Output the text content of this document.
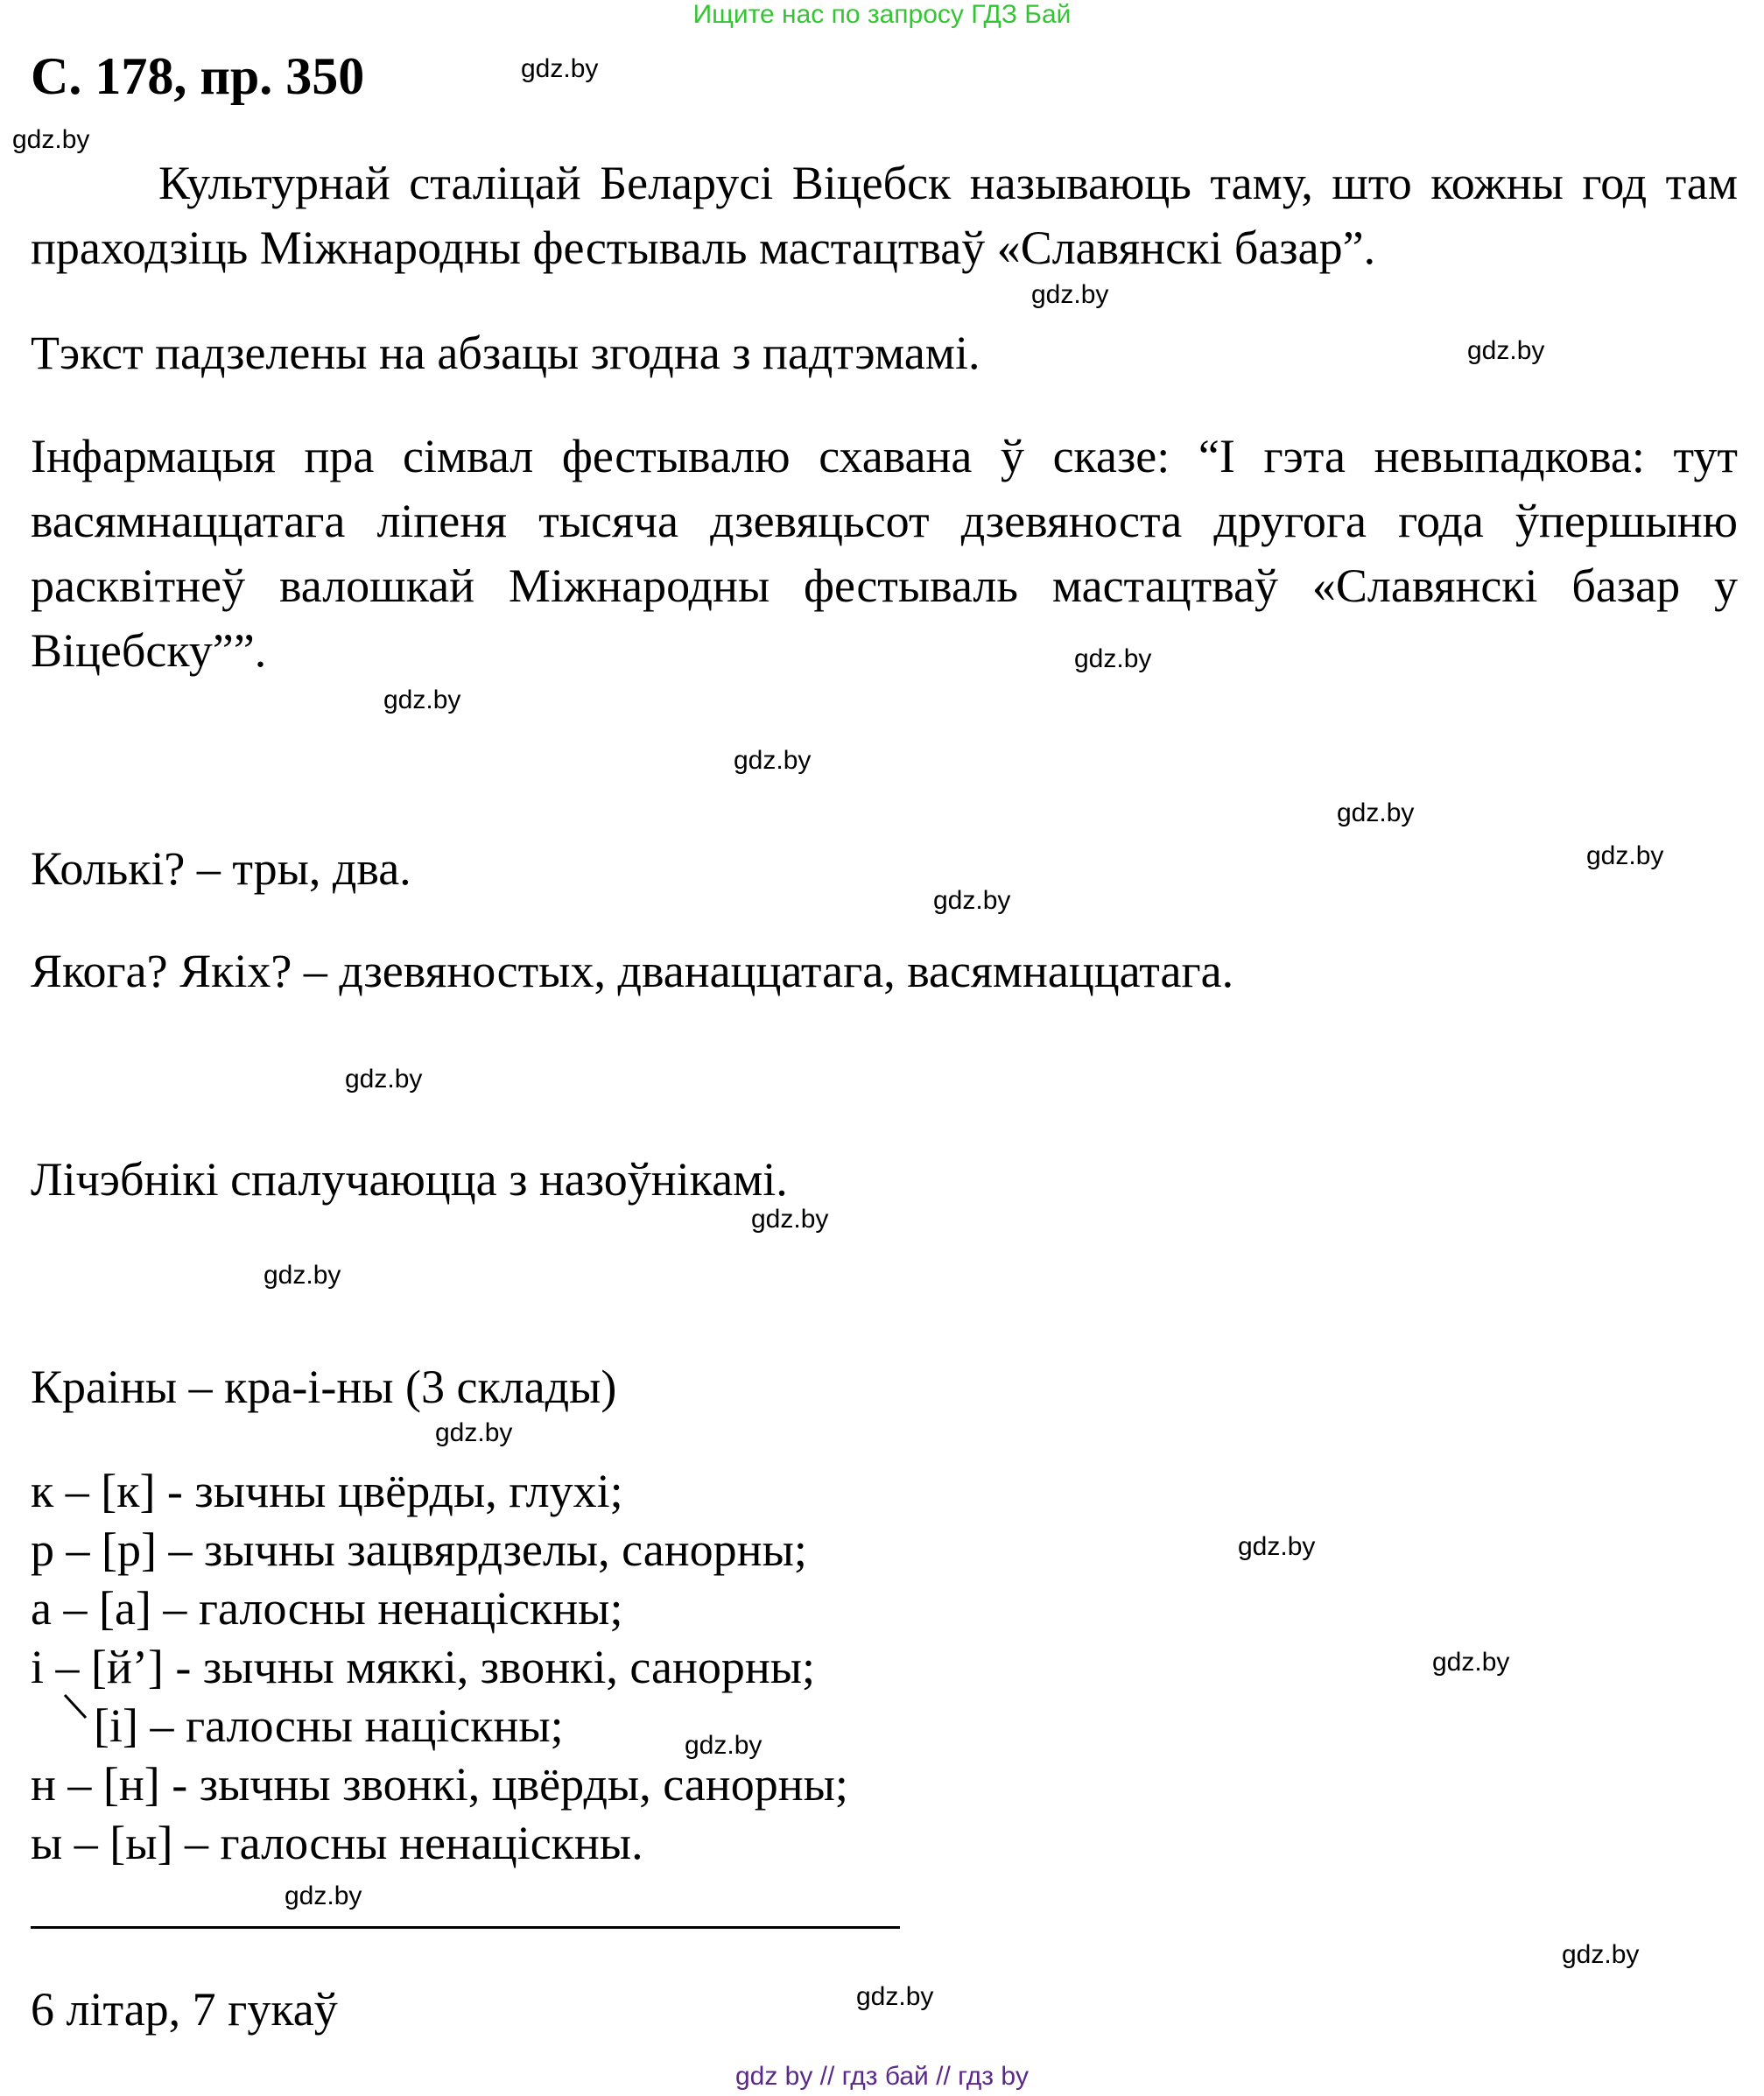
Ищите нас по запросу ГДЗ Бай
С. 178, пр. 350
Культурнай сталіцай Беларусі Віцебск называюць таму, што кожны год там праходзіць Міжнародны фестываль мастацтваў «Славянскі базар”.
Тэкст падзелены на абзацы згодна з падтэмамі.
Інфармацыя пра сімвал фестывалю схавана ў сказе: “І гэта невыпадкова: тут васямнаццатага ліпеня тысяча дзевяцьсот дзевяноста другога года ўпершыню расквітнеў валошкай Міжнародны фестываль мастацтваў «Славянскі базар у Віцебску””.
Колькі? – тры, два.
Якога? Якіх? – дзевяностых, дванаццатага, васямнаццатага.
Лічэбнікі спалучаюцца з назоўнікамі.
Краіны – кра-і-ны (3 склады)
к – [к] - зычны цвёрды, глухі;
р – [р] – зычны зацвярдзелы, санорны;
а – [а] – галосны ненаціскны;
і – [й’] - зычны мяккі, звонкі, санорны;
[і] – галосны націскны;
н – [н] - зычны звонкі, цвёрды, санорны;
ы – [ы] – галосны ненаціскны.
6 літар, 7 гукаў
gdz.by
gdz.by
gdz.by
gdz.by
gdz.by
gdz.by
gdz.by
gdz.by
gdz.by
gdz.by
gdz.by
gdz.by
gdz.by
gdz.by
gdz.by
gdz.by
gdz.by
gdz.by
gdz.by
gdz.by
gdz by // гдз бай // гдз by
